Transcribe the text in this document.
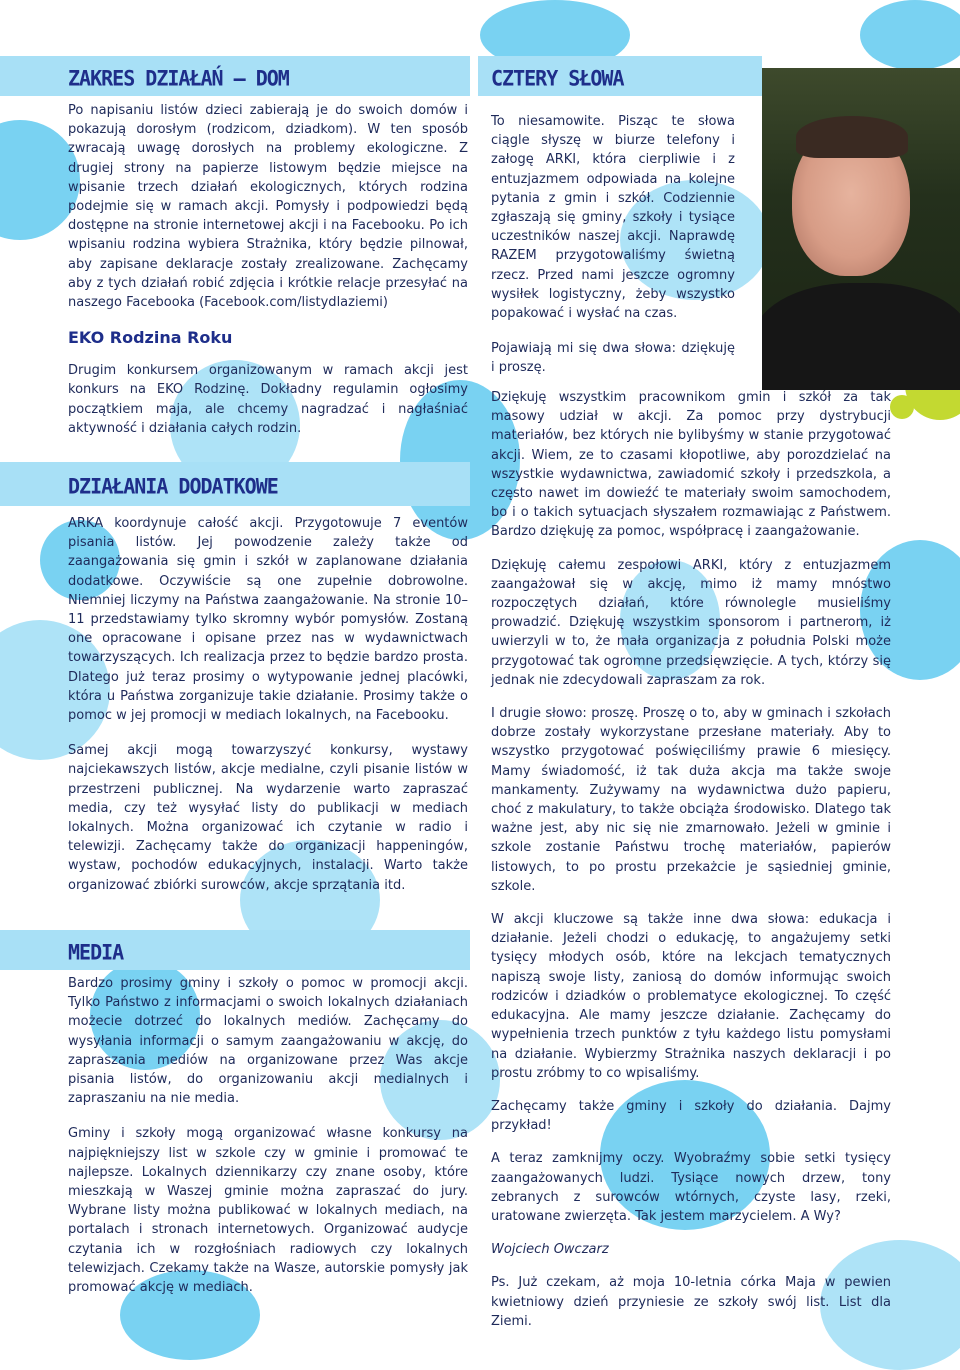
ZAKRES DZIAŁAŃ – DOM

Po napisaniu listów dzieci zabierają je do swoich domów i pokazują dorosłym (rodzicom, dziadkom). W ten sposób zwracają uwagę dorosłych na problemy ekologiczne. Z drugiej strony na papierze listowym będzie miejsce na wpisanie trzech działań ekologicznych, których rodzina podejmie się w ramach akcji. Pomysły i podpowiedzi będą dostępne na stronie internetowej akcji i na Facebooku. Po ich wpisaniu rodzina wybiera Strażnika, który będzie pilnował, aby zapisane deklaracje zostały zrealizowane. Zachęcamy aby z tych działań robić zdjęcia i krótkie relacje przesyłać na naszego Facebooka (Facebook.com/listydlaziemi)

EKO Rodzina Roku

Drugim konkursem organizowanym w ramach akcji jest konkurs na EKO Rodzinę. Dokładny regulamin ogłosimy początkiem maja, ale chcemy nagradzać i nagłaśniać aktywność i działania całych rodzin.

DZIAŁANIA DODATKOWE

ARKA koordynuje całość akcji. Przygotowuje 7 eventów pisania listów. Jej powodzenie zależy także od zaangażowania się gmin i szkół w zaplanowane działania dodatkowe. Oczywiście są one zupełnie dobrowolne. Niemniej liczymy na Państwa zaangażowanie. Na stronie 10–11 przedstawiamy tylko skromny wybór pomysłów. Zostaną one opracowane i opisane przez nas w wydawnictwach towarzyszących. Ich realizacja przez to będzie bardzo prosta. Dlatego już teraz prosimy o wytypowanie jednej placówki, która u Państwa zorganizuje takie działanie. Prosimy także o pomoc w jej promocji w mediach lokalnych, na Facebooku.

Samej akcji mogą towarzyszyć konkursy, wystawy najciekawszych listów, akcje medialne, czyli pisanie listów w przestrzeni publicznej. Na wydarzenie warto zapraszać media, czy też wysyłać listy do publikacji w mediach lokalnych. Można organizować ich czytanie w radio i telewizji. Zachęcamy także do organizacji happeningów, wystaw, pochodów edukacyjnych, instalacji. Warto także organizować zbiórki surowców, akcje sprzątania itd.

MEDIA

Bardzo prosimy gminy i szkoły o pomoc w promocji akcji. Tylko Państwo z informacjami o swoich lokalnych działaniach możecie dotrzeć do lokalnych mediów. Zachęcamy do wysyłania informacji o samym zaangażowaniu w akcję, do zapraszania mediów na organizowane przez Was akcje pisania listów, do organizowaniu akcji medialnych i zapraszaniu na nie media.

Gminy i szkoły mogą organizować własne konkursy na najpiękniejszy list w szkole czy w gminie i promować te najlepsze. Lokalnych dziennikarzy czy znane osoby, które mieszkają w Waszej gminie można zapraszać do jury. Wybrane listy można publikować w lokalnych mediach, na portalach i stronach internetowych. Organizować audycje czytania ich w rozgłośniach radiowych czy lokalnych telewizjach. Czekamy także na Wasze, autorskie pomysły jak promować akcję w mediach.

CZTERY SŁOWA

To niesamowite. Pisząc te słowa ciągle słyszę w biurze telefony i załogę ARKI, która cierpliwie i z entuzjazmem odpowiada na kolejne pytania z gmin i szkół. Codziennie zgłaszają się gminy, szkoły i tysiące uczestników naszej akcji. Naprawdę RAZEM przygotowaliśmy świetną rzecz. Przed nami jeszcze ogromny wysiłek logistyczny, żeby wszystko popakować i wysłać na czas.

Pojawiają mi się dwa słowa: dziękuję i proszę.

Dziękuję wszystkim pracownikom gmin i szkół za tak masowy udział w akcji. Za pomoc przy dystrybucji materiałów, bez których nie bylibyśmy w stanie przygotować akcji. Wiem, ze to czasami kłopotliwe, aby porozdzielać na wszystkie wydawnictwa, zawiadomić szkoły i przedszkola, a często nawet im dowieźć te materiały swoim samochodem, bo i o takich sytuacjach słyszałem rozmawiając z Państwem. Bardzo dziękuję za pomoc, współpracę i zaangażowanie.

Dziękuję całemu zespołowi ARKI, który z entuzjazmem zaangażował się w akcję, mimo iż mamy mnóstwo rozpoczętych działań, które równolegle musieliśmy prowadzić. Dziękuję wszystkim sponsorom i partnerom, iż uwierzyli w to, że mała organizacja z południa Polski może przygotować tak ogromne przedsięwzięcie. A tych, którzy się jednak nie zdecydowali zapraszam za rok.

I drugie słowo: proszę. Proszę o to, aby w gminach i szkołach dobrze zostały wykorzystane przesłane materiały. Aby to wszystko przygotować poświęciliśmy prawie 6 miesięcy. Mamy świadomość, iż tak duża akcja ma także swoje mankamenty. Zużywamy na wydawnictwa dużo papieru, choć z makulatury, to także obciąża środowisko. Dlatego tak ważne jest, aby nic się nie zmarnowało. Jeżeli w gminie i szkole zostanie Państwu trochę materiałów, papierów listowych, to po prostu przekażcie je sąsiedniej gminie, szkole.

W akcji kluczowe są także inne dwa słowa: edukacja i działanie. Jeżeli chodzi o edukację, to angażujemy setki tysięcy młodych osób, które na lekcjach tematycznych napiszą swoje listy, zaniosą do domów informując swoich rodziców i dziadków o problematyce ekologicznej. To część edukacyjna. Ale mamy jeszcze działanie. Zachęcamy do wypełnienia trzech punktów z tyłu każdego listu pomysłami na działanie. Wybierzmy Strażnika naszych deklaracji i po prostu zróbmy to co wpisaliśmy.

Zachęcamy także gminy i szkoły do działania. Dajmy przykład!

A teraz zamknijmy oczy. Wyobraźmy sobie setki tysięcy zaangażowanych ludzi. Tysiące nowych drzew, tony zebranych z surowców wtórnych, czyste lasy, rzeki, uratowane zwierzęta. Tak jestem marzycielem. A Wy?

Wojciech Owczarz

Ps. Już czekam, aż moja 10-letnia córka Maja w pewien kwietniowy dzień przyniesie ze szkoły swój list. List dla Ziemi.
